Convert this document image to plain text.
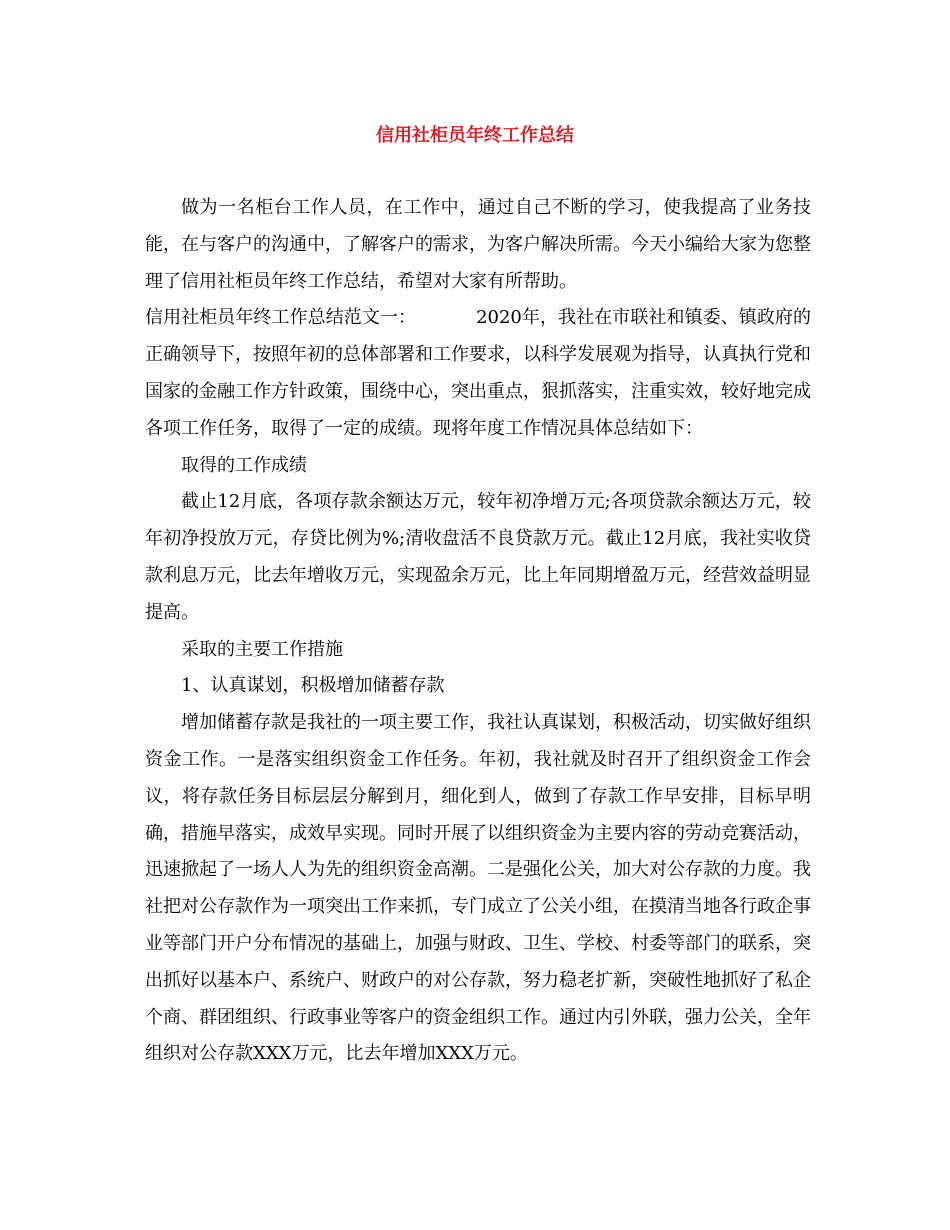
信用社柜员年终工作总结

做为一名柜台工作人员，在工作中，通过自己不断的学习，使我提高了业务技能，在与客户的沟通中，了解客户的需求，为客户解决所需。今天小编给大家为您整理了信用社柜员年终工作总结，希望对大家有所帮助。

信用社柜员年终工作总结范文一：	2020年，我社在市联社和镇委、镇政府的正确领导下，按照年初的总体部署和工作要求，以科学发展观为指导，认真执行党和国家的金融工作方针政策，围绕中心，突出重点，狠抓落实，注重实效，较好地完成各项工作任务，取得了一定的成绩。现将年度工作情况具体总结如下：

取得的工作成绩

截止12月底，各项存款余额达万元，较年初净增万元;各项贷款余额达万元，较年初净投放万元，存贷比例为%;清收盘活不良贷款万元。截止12月底，我社实收贷款利息万元，比去年增收万元，实现盈余万元，比上年同期增盈万元，经营效益明显提高。

采取的主要工作措施

1、认真谋划，积极增加储蓄存款

增加储蓄存款是我社的一项主要工作，我社认真谋划，积极活动，切实做好组织资金工作。一是落实组织资金工作任务。年初，我社就及时召开了组织资金工作会议，将存款任务目标层层分解到月，细化到人，做到了存款工作早安排，目标早明确，措施早落实，成效早实现。同时开展了以组织资金为主要内容的劳动竞赛活动，迅速掀起了一场人人为先的组织资金高潮。二是强化公关，加大对公存款的力度。我社把对公存款作为一项突出工作来抓，专门成立了公关小组，在摸清当地各行政企事业等部门开户分布情况的基础上，加强与财政、卫生、学校、村委等部门的联系，突出抓好以基本户、系统户、财政户的对公存款，努力稳老扩新，突破性地抓好了私企个商、群团组织、行政事业等客户的资金组织工作。通过内引外联，强力公关，全年组织对公存款XXX万元，比去年增加XXX万元。
